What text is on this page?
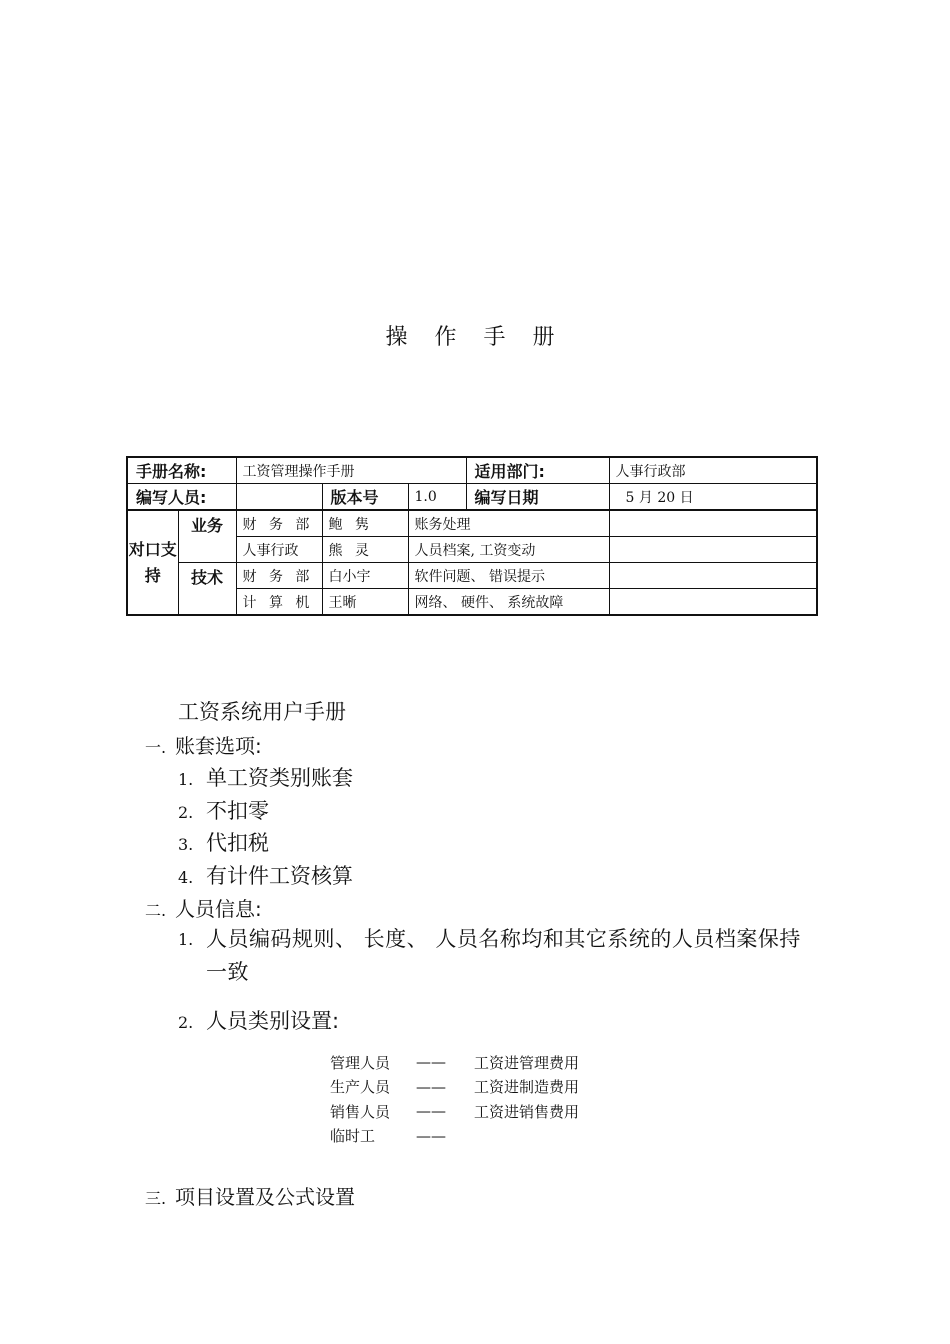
操 作 手 册
手册名称:		工资管理操作手册			适用部门:	人事行政部
编写人员:			版本号	1.0	编写日期	5 月 20 日
对口支持	业务	财 务 部	鲍 隽	账务处理		
		人事行政	熊 灵	人员档案, 工资变动		
	技术	财 务 部	白小宇	软件问题、 错误提示		
		计 算 机	王晰	网络、 硬件、 系统故障		
工资系统用户手册
一. 账套选项:
1. 单工资类别账套
2. 不扣零
3. 代扣税
4. 有计件工资核算
二. 人员信息:
1. 人员编码规则、 长度、 人员名称均和其它系统的人员档案保持一致
2. 人员类别设置:
管理人员	——	工资进管理费用
生产人员	——	工资进制造费用
销售人员	——	工资进销售费用
临时工	——	
三. 项目设置及公式设置
